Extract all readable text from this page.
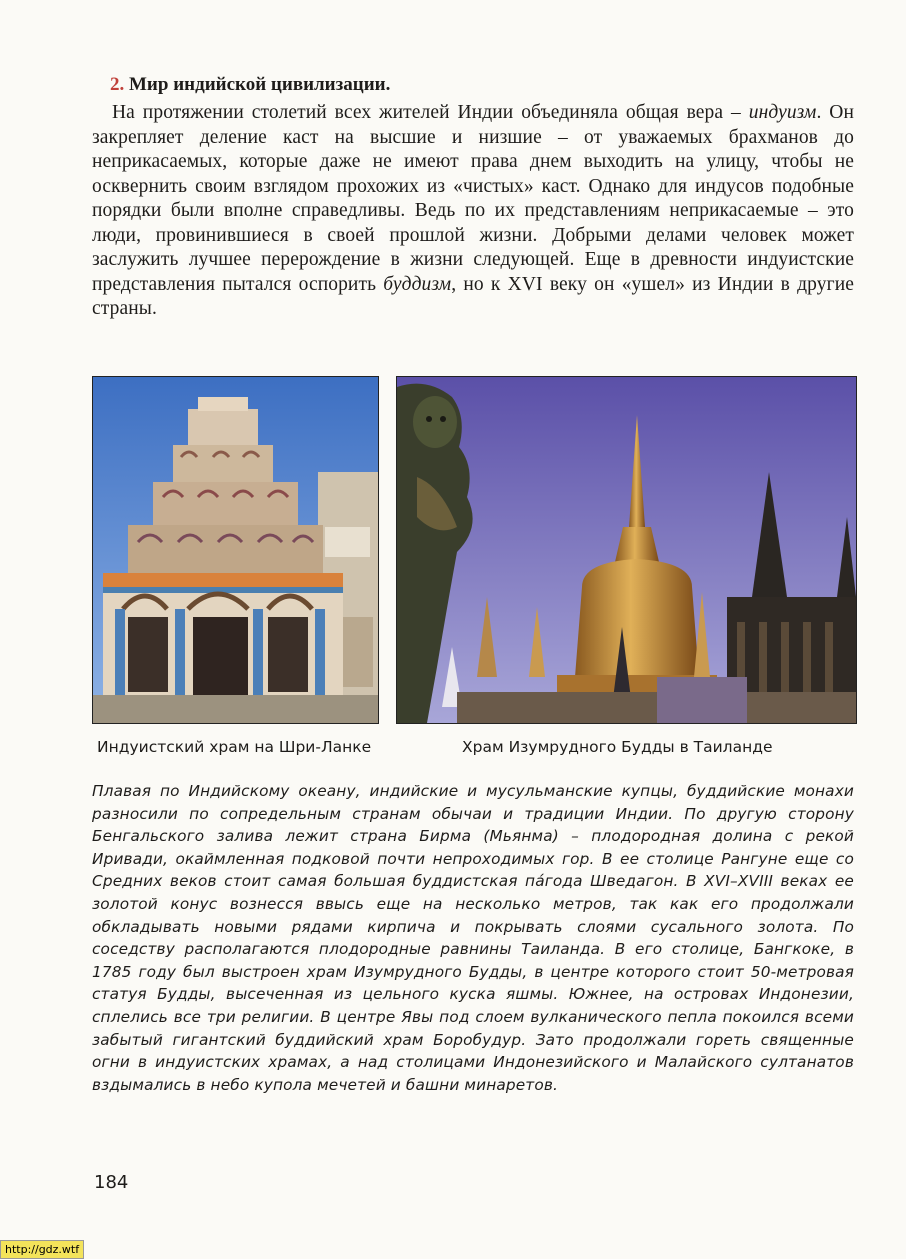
2. Мир индийской цивилизации.

На протяжении столетий всех жителей Индии объединяла общая вера – индуизм. Он закрепляет деление каст на высшие и низшие – от уважаемых брахманов до неприкасаемых, которые даже не имеют права днем выходить на улицу, чтобы не осквернить своим взглядом прохожих из «чистых» каст. Однако для индусов подобные порядки были вполне справедливы. Ведь по их представлениям неприкасаемые – это люди, провинившиеся в своей прошлой жизни. Добрыми делами человек может заслужить лучшее перерождение в жизни следующей. Еще в древности индуистские представления пытался оспорить буддизм, но к XVI веку он «ушел» из Индии в другие страны.

Индуистский храм на Шри-Ланке	Храм Изумрудного Будды в Таиланде

Плавая по Индийскому океану, индийские и мусульманские купцы, буддийские монахи разносили по сопредельным странам обычаи и традиции Индии. По другую сторону Бенгальского залива лежит страна Бирма (Мьянма) – плодородная долина с рекой Иривади, окаймленная подковой почти непроходимых гор. В ее столице Рангуне еще со Средних веков стоит самая большая буддистская пáгода Шведагон. В XVI–XVIII веках ее золотой конус вознесся ввысь еще на несколько метров, так как его продолжали обкладывать новыми рядами кирпича и покрывать слоями сусального золота. По соседству располагаются плодородные равнины Таиланда. В его столице, Бангкоке, в 1785 году был выстроен храм Изумрудного Будды, в центре которого стоит 50-метровая статуя Будды, высеченная из цельного куска яшмы. Южнее, на островах Индонезии, сплелись все три религии. В центре Явы под слоем вулканического пепла покоился всеми забытый гигантский буддийский храм Боробудур. Зато продолжали гореть священные огни в индуистских храмах, а над столицами Индонезийского и Малайского султанатов вздымались в небо купола мечетей и башни минаретов.

184
http://gdz.wtf
